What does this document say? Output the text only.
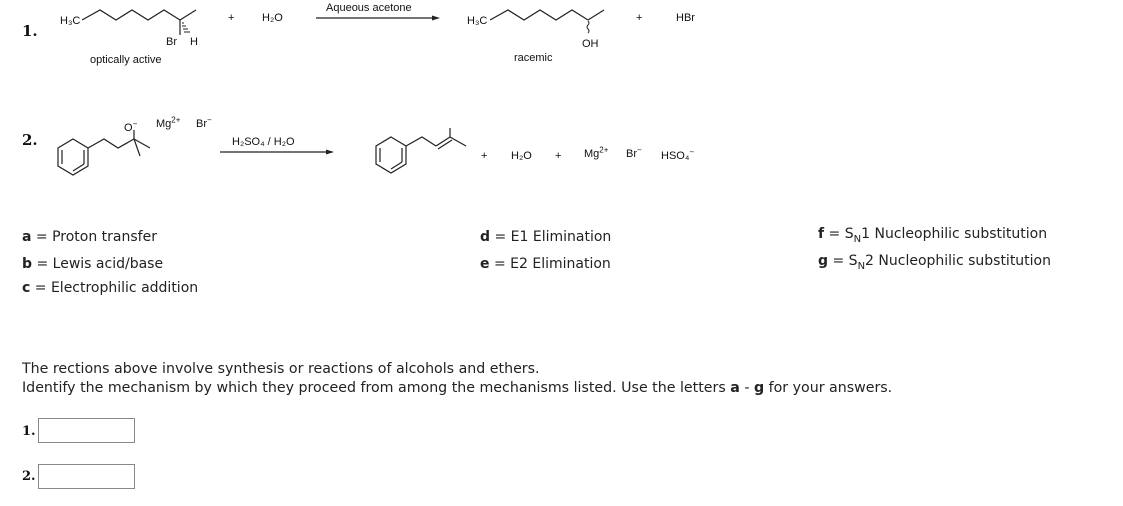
1.
H₃C
Br H
optically active
+	H₂O
Aqueous acetone
H₃C
OH
racemic
+	HBr
2.
O− $Mg^{2+}$ Br−
H₂SO₄ / H₂O
+ $H_2O + Mg^{2+}$ Br−
HSO₄−
a = Proton transfer
b = Lewis acid/base
c = Electrophilic addition
d = E1 Elimination
e = E2 Elimination
$f = S_N1$ Nucleophilic substitution
$g = S_N2$ Nucleophilic substitution
The rections above involve synthesis or reactions of alcohols and ethers.
Identify the mechanism by which they proceed from among the mechanisms listed. Use the letters a - g for your answers.
1.
2.
